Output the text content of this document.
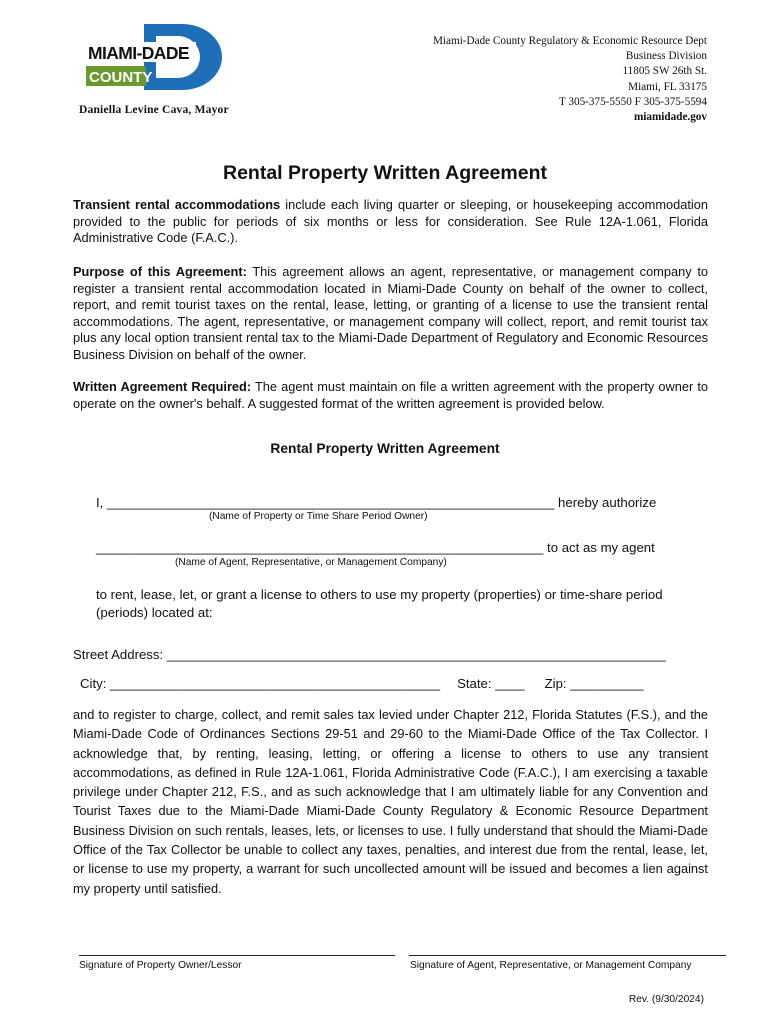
MIAMI-DADE
COUNTY
Daniella Levine Cava, Mayor
Miami-Dade County Regulatory & Economic Resource Dept
Business Division
11805 SW 26th St.
Miami, FL 33175
T 305-375-5550 F 305-375-5594
miamidade.gov
Rental Property Written Agreement
Transient rental accommodations include each living quarter or sleeping, or housekeeping accommodation provided to the public for periods of six months or less for consideration. See Rule 12A-1.061, Florida Administrative Code (F.A.C.).
Purpose of this Agreement: This agreement allows an agent, representative, or management company to register a transient rental accommodation located in Miami-Dade County on behalf of the owner to collect, report, and remit tourist taxes on the rental, lease, letting, or granting of a license to use the transient rental accommodations. The agent, representative, or management company will collect, report, and remit tourist tax plus any local option transient rental tax to the Miami-Dade Department of Regulatory and Economic Resources Business Division on behalf of the owner.
Written Agreement Required: The agent must maintain on file a written agreement with the property owner to operate on the owner's behalf. A suggested format of the written agreement is provided below.
Rental Property Written Agreement
I, _____________________________________________________________ hereby authorize
(Name of Property or Time Share Period Owner)
_____________________________________________________________ to act as my agent
(Name of Agent, Representative, or Management Company)
to rent, lease, let, or grant a license to others to use my property (properties) or time-share period (periods) located at:
Street Address: ____________________________________________________________________
City: _____________________________________________ State: ____ Zip: __________
and to register to charge, collect, and remit sales tax levied under Chapter 212, Florida Statutes (F.S.), and the Miami-Dade Code of Ordinances Sections 29-51 and 29-60 to the Miami-Dade Office of the Tax Collector. I acknowledge that, by renting, leasing, letting, or offering a license to others to use any transient accommodations, as defined in Rule 12A-1.061, Florida Administrative Code (F.A.C.), I am exercising a taxable privilege under Chapter 212, F.S., and as such acknowledge that I am ultimately liable for any Convention and Tourist Taxes due to the Miami-Dade Miami-Dade County Regulatory & Economic Resource Department Business Division on such rentals, leases, lets, or licenses to use. I fully understand that should the Miami-Dade Office of the Tax Collector be unable to collect any taxes, penalties, and interest due from the rental, lease, let, or license to use my property, a warrant for such uncollected amount will be issued and becomes a lien against my property until satisfied.
Signature of Property Owner/Lessor	Signature of Agent, Representative, or Management Company
Rev. (9/30/2024)
